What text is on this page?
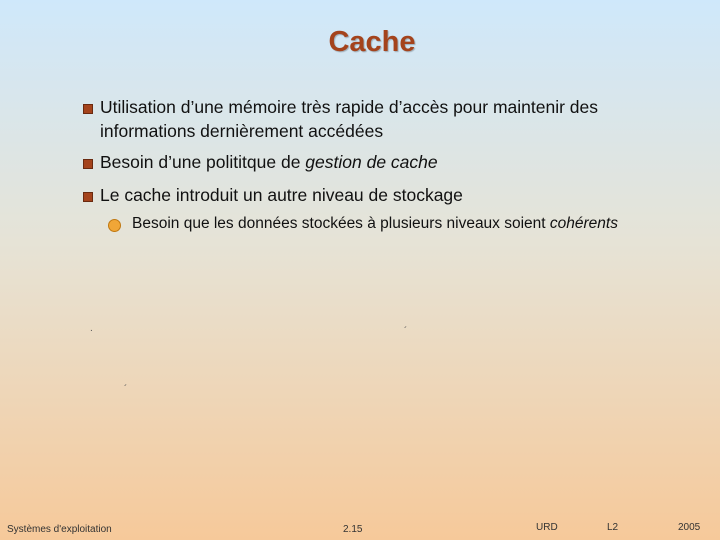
Cache
Utilisation d’une mémoire très rapide d’accès pour maintenir des informations dernièrement accédées
Besoin d’une polititque de gestion de cache
Le cache introduit un autre niveau de stockage
Besoin que les données stockées à plusieurs niveaux soient cohérents
.	´
´
Systèmes d'exploitation	2.15	URD	L2	2005
